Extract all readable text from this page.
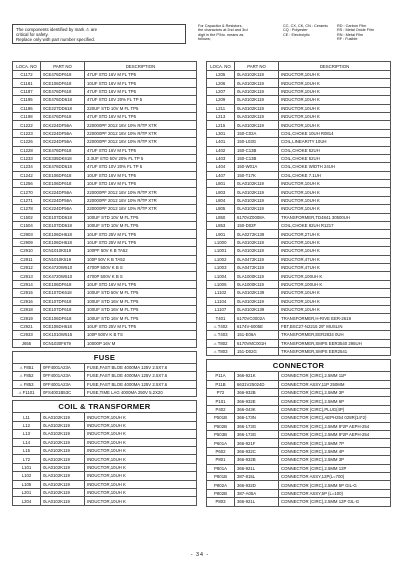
The components identified by mark ⚠ are

critical for safety.

Replace only with part number specified.

For Capacitor & Resistors,

the charactors at 2nd and 3rd

digit in the P/No. means as

follows;

CC, CX, CK, CN : Ceramic

CQ : Polyester

CE : Electrolytic

RD : Carbon Film

RS : Metal Oxide Film

RN : Metal Film

RF : Fusible

LOCA. NO	PART NO	DESCRIPTION
C1172	0CE476DF618	47UF STD 16V M FL TP5
C1181	0CE106DF618	10UF STD 16V M FL TP5
C1187	0CE476DF618	47UF STD 16V M FL TP5
C1195	0CE476DD618	47UF STD 10V 20% FL TP 5
C1196	0CE227DD618	220UF STD 10V M FL TP5
C1198	0CE476DF618	47UF STD 16V M FL TP5
C1222	0CK224DF56A	220000PF 2012 16V 10% R/TP X7R
C1223	0CK224DF56A	220000PF 2012 16V 10% R/TP X7R
C1226	0CK224DF56A	220000PF 2012 16V 10% R/TP X7R
C1228	0CE476DF618	47UF STD 16V M FL TP5
C1233	0CE335DK618	3.3UF STD 50V 20% FL TP 5
C1234	0CE476DD618	47UF STD 10V 20% FL TP 5
C1242	0CE106DF618	10UF STD 16V M FL TP5
C1256	0CE106DF618	10UF STD 16V M FL TP5
C1270	0CK224DF56A	220000PF 2012 16V 10% R/TP X7R
C1271	0CK224DF56A	220000PF 2012 16V 10% R/TP X7R
C1278	0CK224DF56A	220000PF 2012 16V 10% R/TP X7R
C1502	0CE107DD618	100UF STD 10V M FL TP5
C1504	0CE107DD618	100UF STD 10V M FL TP5
C2903	0CE106DH618	10UF STD 25V M FL TP5
C2909	0CE106DH618	10UF STD 25V M FL TP5
C2910	0CN1010K519	100PF 50V K B TA52
C2911	0CN1010K519	100P 50V K B TA52
C2912	0CK4720W510	4700P 500V K B S
C2913	0CK4720W510	4700P 500V K B S
C2914	0CE106DF618	10UF STD 16V M FL TP5
C2915	0CE107DK618	100UF STD 50V M FL TP5
C2916	0CE107DF618	100UF STD 16V M FL TP5
C2918	0CE107DF618	100UF STD 16V M FL TP5
C2919	0CE106DF618	100UF STD 16V M FL TP5
C2921	0CE106DH618	10UF STD 25V M FL TP5
C2933	0CK1010W515	100P 500V K B TS
J655	0CN1030F679	10000P 16V M

FUSE		
⚠F851	0FF4001A23A	FUSE,FAST BLOE 4000MA 125V 2.5X7.6
⚠F852	0FF4001A23A	FUSE,FAST BLOE 4000MA 125V 2.5X7.6
⚠F853	0FF4001A23A	FUSE,FAST BLOE 4000MA 125V 2.5X7.6
⚠F1101	0FS4001B53C	FUSE,TIME LAG 4000MA 250V 5.2X20

COIL & TRANSFORMER		
L11	0LA0102K119	INDUCTOR,10UH K
L12	0LA0102K119	INDUCTOR,10UH K
L13	0LA0102K119	INDUCTOR,10UH K
L14	0LA0102K119	INDUCTOR,10UH K
L15	0LA0102K119	INDUCTOR,10UH K
L72	0LA0102K119	INDUCTOR,10UH K
L101	0LA0102K119	INDUCTOR,10UH K
L102	0LA0102K119	INDUCTOR,10UH K
L105	0LA0102K119	INDUCTOR,10UH K
L201	0LA0102K119	INDUCTOR,10UH K
L204	0LA0102K119	INDUCTOR,10UH K
LOCA. NO	PART NO	DESCRIPTION
L205	0LA0102K119	INDUCTOR,10UH K
L206	0LA0102K119	INDUCTOR,10UH K
L207	0LA0102K119	INDUCTOR,10UH K
L209	0LA0102K119	INDUCTOR,10UH K
L211	0LA0102K119	INDUCTOR,10UH K
L213	0LA0102K119	INDUCTOR,10UH K
L215	0LA0102K119	INDUCTOR,10UH K
L301	150-C02A	COIL,CHOKE 10UH R0814
L401	150-L03G	COIL,LINEARITY 10UH
L402	150-C13B	COIL,CHOKE 52UH
L403	150-C13B	COIL,CHOKE 52UH
L404	150-W01A	COIL,CHOKE WIDTH 24UH
L407	150-T17K	COIL,CHOKE 7.1UH
L801	0LA0102K119	INDUCTOR,10UH K
L803	0LA0102K119	INDUCTOR,10UH K
L804	0LA0102K119	INDUCTOR,10UH K
L805	0LA0102K119	INDUCTOR,10UH K
L850	6170VZ0008A	TRANSFORMER,TD4841 30500UH
L853	150-D02F	COIL,CHOKE 82UH R1217
L901	0LA0272K139	INDUCTOR,27UH K
L1000	0LA0102K119	INDUCTOR,10UH K
L1001	0LA0102K119	INDUCTOR,10UH K
L1002	0LA0472K119	INDUCTOR,47UH K
L1003	0LA0472K119	INDUCTOR,47UH K
L1004	0LA1000K119	INDUCTOR,100UH K
L1005	0LA1000K119	INDUCTOR,100UH K
L1102	0LA0102K139	INDUCTOR,10UH K
L1104	0LA0102K119	INDUCTOR,10UH K
L1107	0LA0102K139	INDUCTOR,10UH K
T401	6170VC0002A	TRANSFORMER,H-RIVE EER-2619
⚠T402	6174V-6005E	FBT,BSC27-N2215 29" MUSLIN
⚠T403	151-E06A	TRANSFORMER,EER2834 0UH
⚠T802	6170VMC001H	TRANSFORMER,SMPS EER3540 295UH
⚠T803	151-D02G	TRANSFORMER,SMPS EER2541

CONNECTOR		
P11A	366-921K	CONNECTOR (CIRC),2.5MM 11P
P11B	6631V25024D	CONNECTOR ASSY,11P 250MM
P72	366-932B	CONNECTOR (CIRC),2.5MM 3P
P101	366-932E	CONNECTOR (CIRC),2.5MM 6P
P402	366-043K	CONNECTOR (CIRC),PLUG(4P)
P501B	366-173N	CONNECTOR (CIRC),AEPH254 028R(14*2)
P502B	366-173G	CONNECTOR (CIRC),2.5MM 8*2P AEPH-254
P503B	366-173G	CONNECTOR (CIRC),2.5MM 8*2P AEPH-254
P601A	366-921F	CONNECTOR (CIRC),2.5MM 7P
P602	366-932C	CONNECTOR (CIRC),2.5MM 4P
P801	366-932B	CONNECTOR (CIRC),2.5MM 3P
P801A	366-921L	CONNECTOR (CIRC),2.5MM 12P
P801B	387-815L	CONNECTOR ASSY,12P(L=700)
P802A	366-932D	CONNECTOR (CIRC),2.5MM 5P GIL-G
P802B	387-A05A	CONNECTOR ASSY,5P (L=100)
P803	366-921L	CONNECTOR (CIRC),2.5MM 12P GIL-G
- 34 -
